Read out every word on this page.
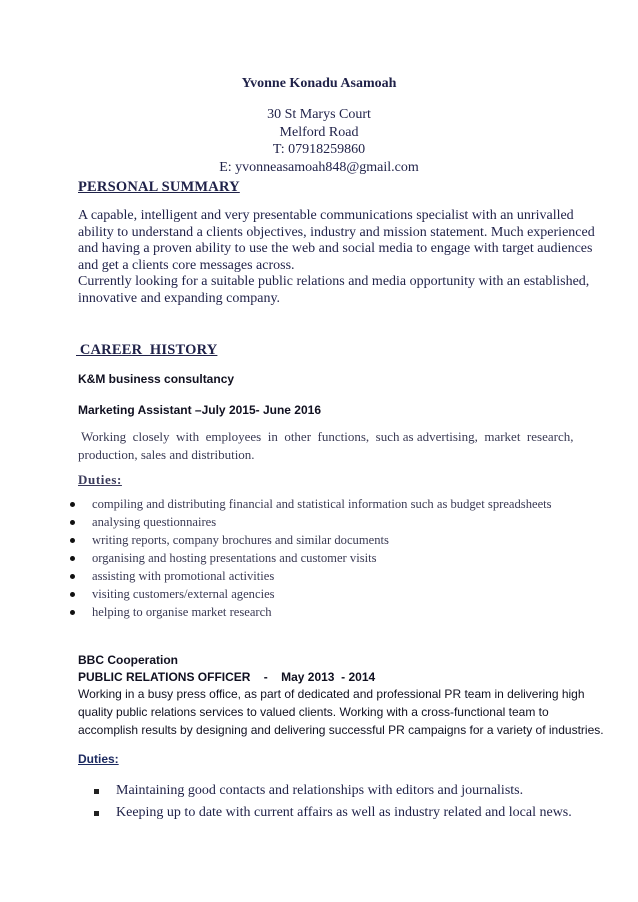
Yvonne Konadu Asamoah
30 St Marys Court
Melford Road
T: 07918259860
E: yvonneasamoah848@gmail.com
PERSONAL SUMMARY
A capable, intelligent and very presentable communications specialist with an unrivalled
ability to understand a clients objectives, industry and mission statement. Much experienced
and having a proven ability to use the web and social media to engage with target audiences
and get a clients core messages across.
Currently looking for a suitable public relations and media opportunity with an established,
innovative and expanding company.
CAREER  HISTORY
K&M business consultancy
Marketing Assistant –July 2015- June 2016
Working  closely  with  employees  in  other  functions,  such as advertising,  market  research,
production, sales and distribution.
Duties:
compiling and distributing financial and statistical information such as budget spreadsheets
analysing questionnaires
writing reports, company brochures and similar documents
organising and hosting presentations and customer visits
assisting with promotional activities
visiting customers/external agencies
helping to organise market research
BBC Cooperation
PUBLIC RELATIONS OFFICER    -    May 2013  - 2014
Working in a busy press office, as part of dedicated and professional PR team in delivering high
quality public relations services to valued clients. Working with a cross-functional team to
accomplish results by designing and delivering successful PR campaigns for a variety of industries.
Duties:
Maintaining good contacts and relationships with editors and journalists.
Keeping up to date with current affairs as well as industry related and local news.
